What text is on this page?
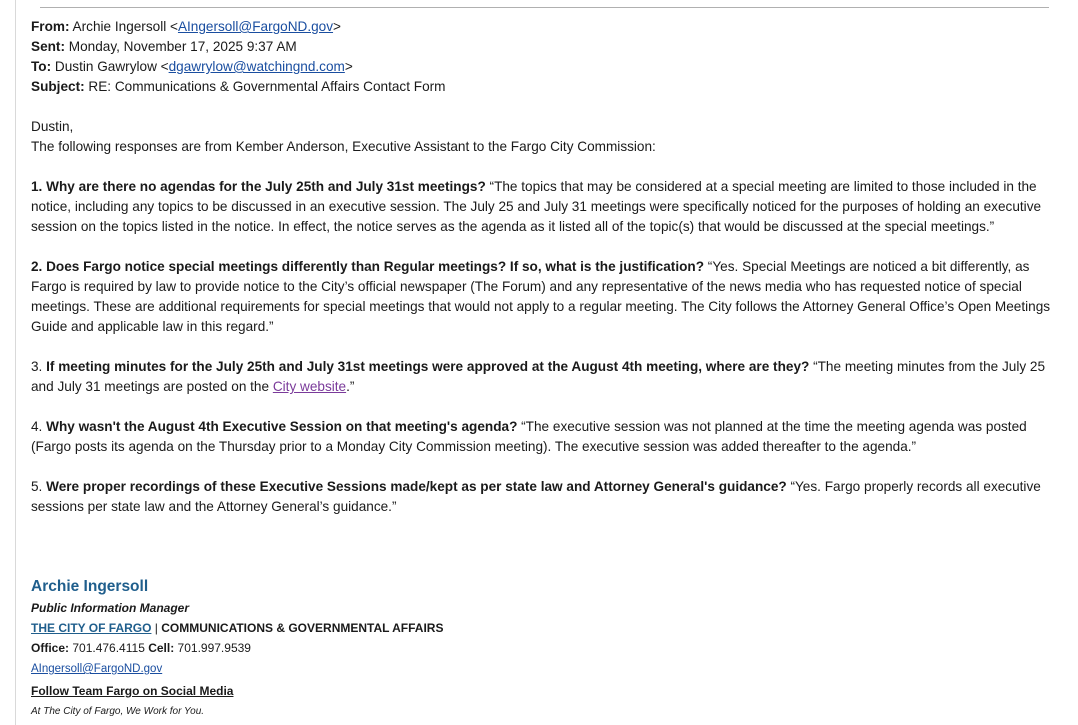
From: Archie Ingersoll <AIngersoll@FargoND.gov>

Sent: Monday, November 17, 2025 9:37 AM

To: Dustin Gawrylow <dgawrylow@watchingnd.com>

Subject: RE: Communications & Governmental Affairs Contact Form

Dustin,

The following responses are from Kember Anderson, Executive Assistant to the Fargo City Commission:

1. Why are there no agendas for the July 25th and July 31st meetings? “The topics that may be considered at a special meeting are limited to those included in the notice, including any topics to be discussed in an executive session. The July 25 and July 31 meetings were specifically noticed for the purposes of holding an executive session on the topics listed in the notice. In effect, the notice serves as the agenda as it listed all of the topic(s) that would be discussed at the special meetings.”

2. Does Fargo notice special meetings differently than Regular meetings? If so, what is the justification? “Yes. Special Meetings are noticed a bit differently, as Fargo is required by law to provide notice to the City’s official newspaper (The Forum) and any representative of the news media who has requested notice of special meetings. These are additional requirements for special meetings that would not apply to a regular meeting. The City follows the Attorney General Office’s Open Meetings Guide and applicable law in this regard.”

3. If meeting minutes for the July 25th and July 31st meetings were approved at the August 4th meeting, where are they? “The meeting minutes from the July 25 and July 31 meetings are posted on the City website.”

4. Why wasn't the August 4th Executive Session on that meeting's agenda? “The executive session was not planned at the time the meeting agenda was posted (Fargo posts its agenda on the Thursday prior to a Monday City Commission meeting). The executive session was added thereafter to the agenda.”

5. Were proper recordings of these Executive Sessions made/kept as per state law and Attorney General's guidance? “Yes. Fargo properly records all executive sessions per state law and the Attorney General’s guidance.”

Archie Ingersoll
Public Information Manager
THE CITY OF FARGO | COMMUNICATIONS & GOVERNMENTAL AFFAIRS
Office: 701.476.4115 Cell: 701.997.9539
AIngersoll@FargoND.gov
Follow Team Fargo on Social Media
At The City of Fargo, We Work for You.
